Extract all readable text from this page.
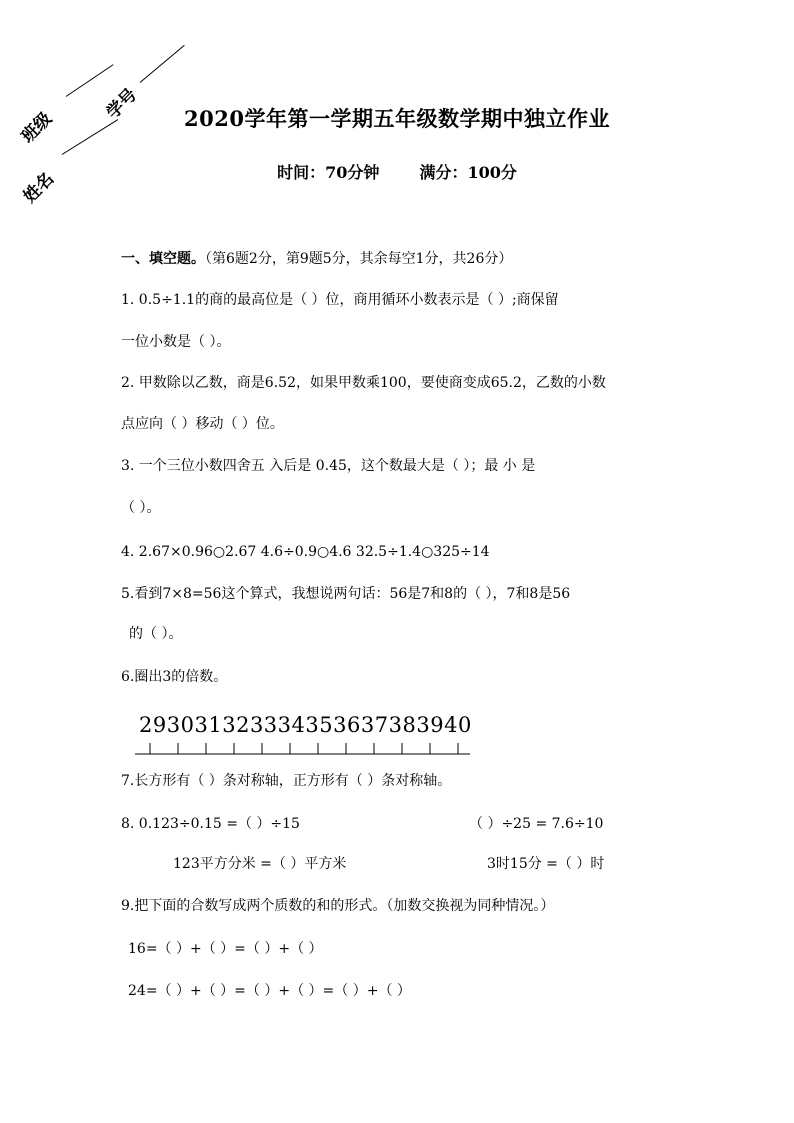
班级
学号
姓名
2020学年第一学期五年级数学期中独立作业
时间：70分钟	满分：100分
一、填空题。（第6题2分，第9题5分，其余每空1分，共26分）
1. 0.5÷1.1的商的最高位是（ ）位，商用循环小数表示是（ ）;商保留
一位小数是（ ）。
2. 甲数除以乙数，商是6.52，如果甲数乘100，要使商变成65.2，乙数的小数
点应向（ ）移动（ ）位。
3. 一个三位小数四舍五 入后是 0.45，这个数最大是（ ）；最 小 是
（ ）。
4. 2.67×0.96○2.67 4.6÷0.9○4.6 32.5÷1.4○325÷14
5.看到7×8=56这个算式，我想说两句话：56是7和8的（ ），7和8是56
的（ ）。
6.圈出3的倍数。
293031323334353637383940
7.长方形有（ ）条对称轴，正方形有（ ）条对称轴。
8. 0.123÷0.15 =（ ）÷15	（ ）÷25 = 7.6÷10
123平方分米 =（ ）平方米	3时15分 =（ ）时
9.把下面的合数写成两个质数的和的形式。（加数交换视为同种情况。）
16=（ ）+（ ）=（ ）+（ ）
24=（ ）+（ ）=（ ）+（ ）=（ ）+（ ）
